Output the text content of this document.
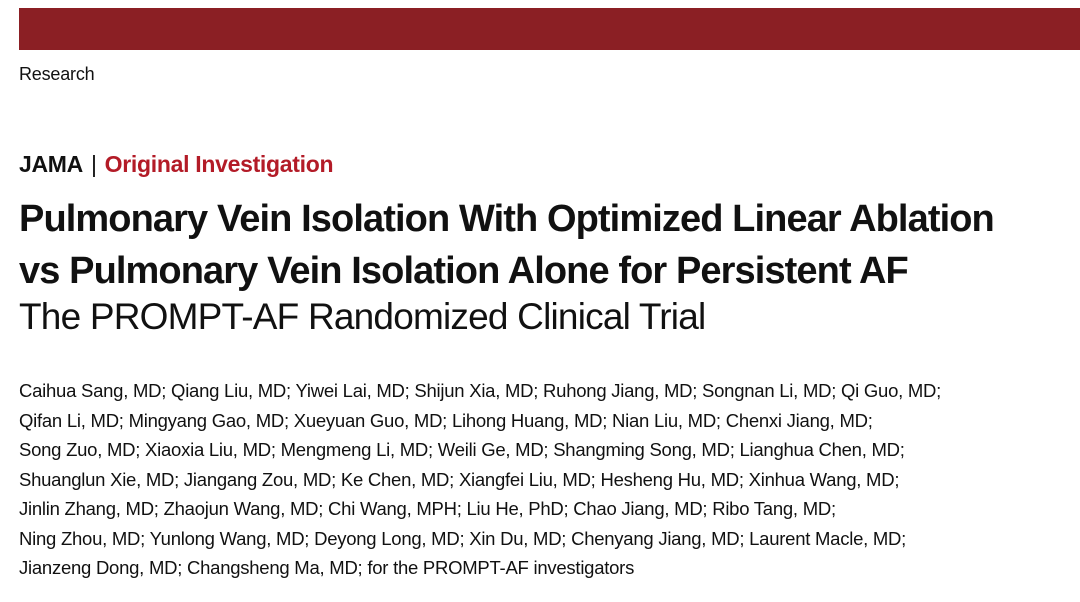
Research
JAMA | Original Investigation
Pulmonary Vein Isolation With Optimized Linear Ablation
vs Pulmonary Vein Isolation Alone for Persistent AF
The PROMPT-AF Randomized Clinical Trial
Caihua Sang, MD; Qiang Liu, MD; Yiwei Lai, MD; Shijun Xia, MD; Ruhong Jiang, MD; Songnan Li, MD; Qi Guo, MD;
Qifan Li, MD; Mingyang Gao, MD; Xueyuan Guo, MD; Lihong Huang, MD; Nian Liu, MD; Chenxi Jiang, MD;
Song Zuo, MD; Xiaoxia Liu, MD; Mengmeng Li, MD; Weili Ge, MD; Shangming Song, MD; Lianghua Chen, MD;
Shuanglun Xie, MD; Jiangang Zou, MD; Ke Chen, MD; Xiangfei Liu, MD; Hesheng Hu, MD; Xinhua Wang, MD;
Jinlin Zhang, MD; Zhaojun Wang, MD; Chi Wang, MPH; Liu He, PhD; Chao Jiang, MD; Ribo Tang, MD;
Ning Zhou, MD; Yunlong Wang, MD; Deyong Long, MD; Xin Du, MD; Chenyang Jiang, MD; Laurent Macle, MD;
Jianzeng Dong, MD; Changsheng Ma, MD; for the PROMPT-AF investigators
